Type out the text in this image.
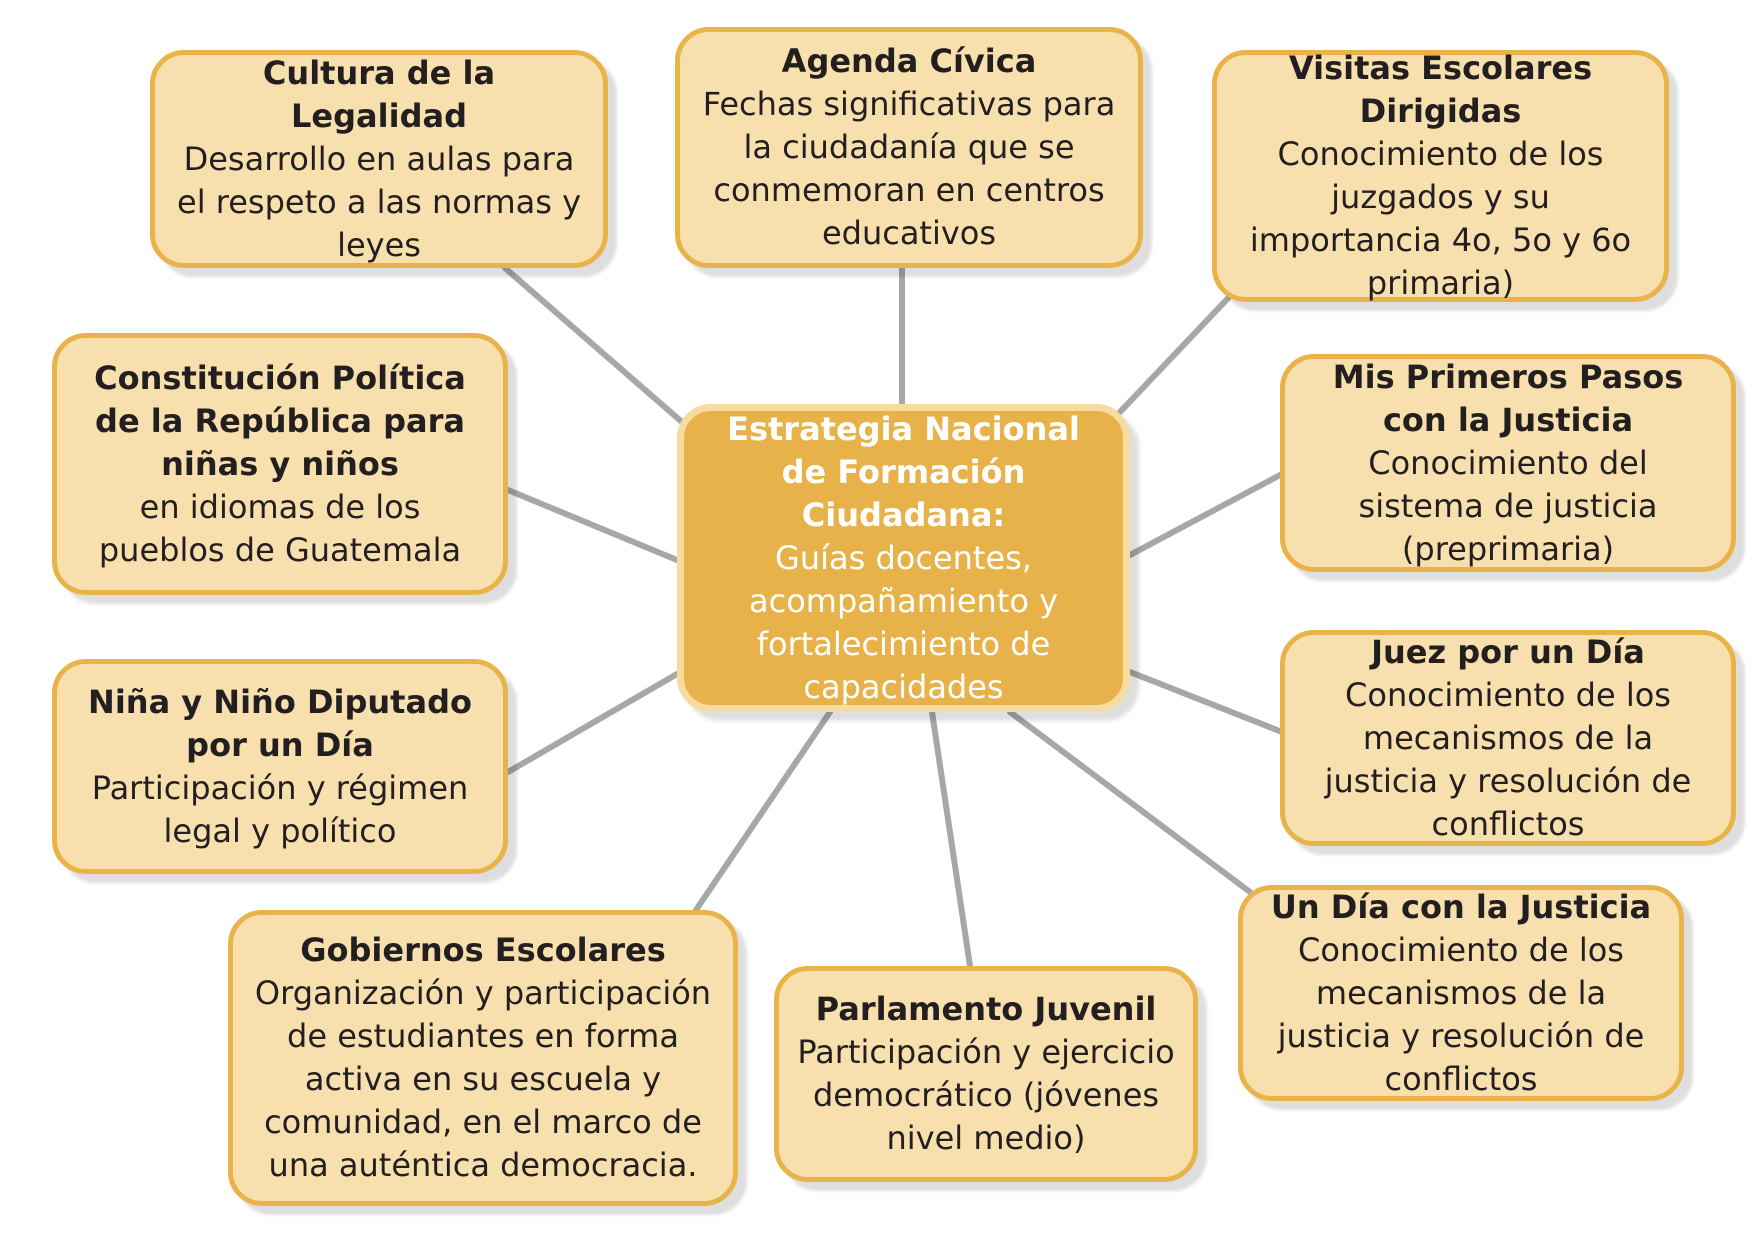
Estrategia Nacional de Formación Ciudadana:
Guías docentes, acompañamiento y fortalecimiento de capacidades
Cultura de la Legalidad
Desarrollo en aulas para el respeto a las normas y leyes
Agenda Cívica
Fechas significativas para la ciudadanía que se conmemoran en centros educativos
Visitas Escolares Dirigidas
Conocimiento de los juzgados y su importancia 4o, 5o y 6o primaria)
Constitución Política de la República para niñas y niños
en idiomas de los pueblos de Guatemala
Mis Primeros Pasos con la Justicia
Conocimiento del sistema de justicia (preprimaria)
Niña y Niño Diputado por un Día
Participación y régimen legal y político
Juez por un Día
Conocimiento de los mecanismos de la justicia y resolución de conflictos
Gobiernos Escolares
Organización y participación de estudiantes en forma activa en su escuela y comunidad, en el marco de una auténtica democracia.
Parlamento Juvenil
Participación y ejercicio democrático (jóvenes nivel medio)
Un Día con la Justicia
Conocimiento de los mecanismos de la justicia y resolución de conflictos
